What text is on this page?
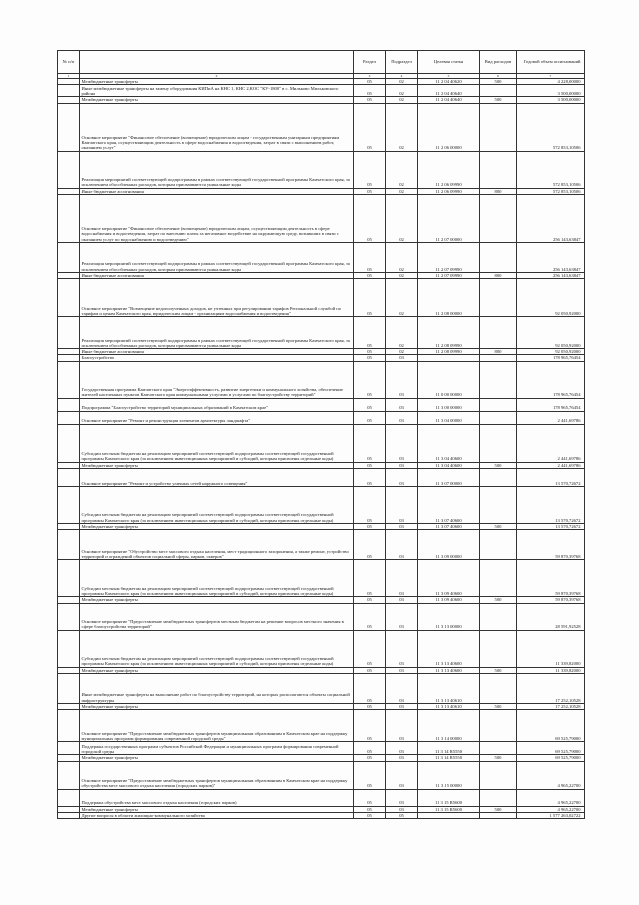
№ п/п		Раздел	Подраздел	Целевая статья	Вид расходов	Годовой объем ассигнований
1	2	3	4	5	6	7
	Межбюджетные трансферты	05	02	11 2 04 40620	500	4 228,00000
	Иные межбюджетные трансферты на замену оборудования КИПиА на КНС 1, КНС 2,КОС "КУ-1800" в с. Мильково Мильковского района	05	02	11 2 04 40640		3 500,00000
	Межбюджетные трансферты	05	02	11 2 04 40640	500	3 500,00000
	Основное мероприятие "Финансовое обеспечение (возмещение) юридическим лицам - государственным унитарным предприятиям Камчатского края, осуществляющим деятельность в сфере водоснабжения и водоотведения, затрат в связи с выполнением работ, оказанием услуг"	05	02	11 2 06 00000		572 853,10506
	Реализация мероприятий соответствующей подпрограммы в рамках соответствующей государственной программы Камчатского края, за исключением обособленных расходов, которым присваиваются уникальные коды	05	02	11 2 06 09990		572 853,10506
	Иные бюджетные ассигнования	05	02	11 2 06 09990	800	572 853,10506
	Основное мероприятие "Финансовое обеспечение (возмещение) юридическим лицам, осуществляющим деятельность в сфере водоснабжения и водоотведения, затрат по внесению платы за негативное воздействие на окружающую среду, возникших в связи с оказанием услуг по водоснабжению и водоотведению"	05	02	11 2 07 00000		256 143,63847
	Реализация мероприятий соответствующей подпрограммы в рамках соответствующей государственной программы Камчатского края, за исключением обособленных расходов, которым присваиваются уникальные коды	05	02	11 2 07 09990		256 143,63847
	Иные бюджетные ассигнования	05	02	11 2 07 09990	800	256 143,63847
	Основное мероприятие "Возмещение недополученных доходов, не учтенных при регулировании тарифов Региональной службой по тарифам и ценам Камчатского края, юридическим лицам - организациям водоснабжения и водоотведения"	05	02	11 2 08 00000		92 050,92000
	Реализация мероприятий соответствующей подпрограммы в рамках соответствующей государственной программы Камчатского края, за исключением обособленных расходов, которым присваиваются уникальные коды	05	02	11 2 08 09990		92 050,92000
	Иные бюджетные ассигнования	05	02	11 2 08 09990	800	92 050,92000
	Благоустройство	05	03			178 965,76454
	Государственная программа Камчатского края "Энергоэффективность, развитие энергетики и коммунального хозяйства, обеспечение жителей населенных пунктов Камчатского края коммунальными услугами и услугами по благоустройству территорий"	05	03	11 0 00 00000		178 965,76454
	Подпрограмма "Благоустройство территорий муниципальных образований в Камчатском крае"	05	03	11 3 00 00000		178 965,76454
	Основное мероприятие "Ремонт и реконструкция элементов архитектуры ландшафта"	05	03	11 3 04 00000		2 441,69786
	Субсидии местным бюджетам на реализацию мероприятий соответствующей подпрограммы соответствующей государственной программы Камчатского края (за исключением инвестиционных мероприятий и субсидий, которым присвоены отдельные коды)	05	03	11 3 04 40600		2 441,69786
	Межбюджетные трансферты	05	03	11 3 04 40600	500	2 441,69786
	Основное мероприятие "Ремонт и устройство уличных сетей наружного освещения"	05	03	11 3 07 00000		13 570,72672
	Субсидии местным бюджетам на реализацию мероприятий соответствующей подпрограммы соответствующей государственной программы Камчатского края (за исключением инвестиционных мероприятий и субсидий, которым присвоены отдельные коды)	05	03	11 3 07 40600		13 570,72672
	Межбюджетные трансферты	05	03	11 3 07 40600	500	13 570,72672
	Основное мероприятие "Обустройство мест массового отдыха населения, мест традиционного захоронения, а также ремонт, устройство территорий и ограждений объектов социальной сферы, парков, скверов"	05	03	11 3 09 00000		59 870,39768
	Субсидии местным бюджетам на реализацию мероприятий соответствующей подпрограммы соответствующей государственной программы Камчатского края (за исключением инвестиционных мероприятий и субсидий, которым присвоены отдельные коды)	05	03	11 3 09 40600		59 870,39768
	Межбюджетные трансферты	05	03	11 3 09 40600	500	59 870,39768
	Основное мероприятие "Предоставление межбюджетных трансфертов местным бюджетам на решение вопросов местного значения в сфере благоустройства территорий"	05	03	11 3 13 00000		28 591,92528
	Субсидии местным бюджетам на реализацию мероприятий соответствующей подпрограммы соответствующей государственной программы Камчатского края (за исключением инвестиционных мероприятий и субсидий, которым присвоены отдельные коды)	05	03	11 3 13 40600		11 339,82000
	Межбюджетные трансферты	05	03	11 3 13 40600	500	11 339,82000
	Иные межбюджетные трансферты на выполнение работ по благоустройству территорий, на которых располагаются объекты социальной инфраструктуры	05	03	11 3 13 40610		17 252,10528
	Межбюджетные трансферты	05	03	11 3 13 40610	500	17 252,10528
	Основное мероприятие "Предоставление межбюджетных трансфертов муниципальным образованиям в Камчатском крае на поддержку муниципальных программ формирования современной городской среды"	05	03	11 3 14 00000		69 525,79000
	Поддержка государственных программ субъектов Российской Федерации и муниципальных программ формирования современной городской среды	05	03	11 3 14 R5550		69 525,79000
	Межбюджетные трансферты	05	03	11 3 14 R5550	500	69 525,79000
	Основное мероприятие "Предоставление межбюджетных трансфертов муниципальным образованиям в Камчатском крае на поддержку обустройства мест массового отдыха населения (городских парков)"	05	03	11 3 15 00000		4 965,22700
	Поддержка обустройства мест массового отдыха населения (городских парков)	05	03	11 3 15 R5600		4 965,22700
	Межбюджетные трансферты	05	03	11 3 15 R5600	500	4 965,22700
	Другие вопросы в области жилищно-коммунального хозяйства	05	05			1 577 263,02722
